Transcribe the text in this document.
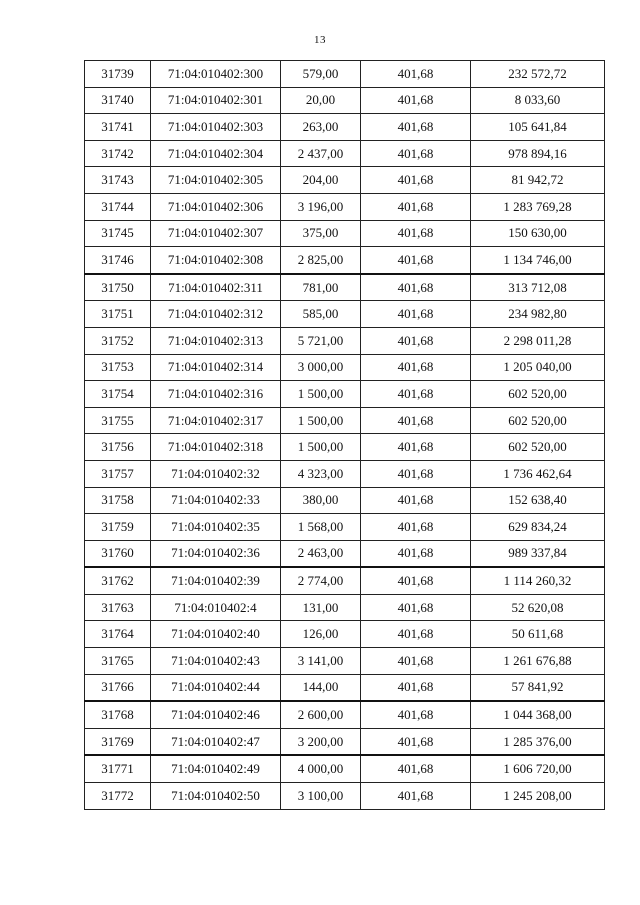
13
31739	71:04:010402:300	579,00	401,68	232 572,72
31740	71:04:010402:301	20,00	401,68	8 033,60
31741	71:04:010402:303	263,00	401,68	105 641,84
31742	71:04:010402:304	2 437,00	401,68	978 894,16
31743	71:04:010402:305	204,00	401,68	81 942,72
31744	71:04:010402:306	3 196,00	401,68	1 283 769,28
31745	71:04:010402:307	375,00	401,68	150 630,00
31746	71:04:010402:308	2 825,00	401,68	1 134 746,00
31750	71:04:010402:311	781,00	401,68	313 712,08
31751	71:04:010402:312	585,00	401,68	234 982,80
31752	71:04:010402:313	5 721,00	401,68	2 298 011,28
31753	71:04:010402:314	3 000,00	401,68	1 205 040,00
31754	71:04:010402:316	1 500,00	401,68	602 520,00
31755	71:04:010402:317	1 500,00	401,68	602 520,00
31756	71:04:010402:318	1 500,00	401,68	602 520,00
31757	71:04:010402:32	4 323,00	401,68	1 736 462,64
31758	71:04:010402:33	380,00	401,68	152 638,40
31759	71:04:010402:35	1 568,00	401,68	629 834,24
31760	71:04:010402:36	2 463,00	401,68	989 337,84
31762	71:04:010402:39	2 774,00	401,68	1 114 260,32
31763	71:04:010402:4	131,00	401,68	52 620,08
31764	71:04:010402:40	126,00	401,68	50 611,68
31765	71:04:010402:43	3 141,00	401,68	1 261 676,88
31766	71:04:010402:44	144,00	401,68	57 841,92
31768	71:04:010402:46	2 600,00	401,68	1 044 368,00
31769	71:04:010402:47	3 200,00	401,68	1 285 376,00
31771	71:04:010402:49	4 000,00	401,68	1 606 720,00
31772	71:04:010402:50	3 100,00	401,68	1 245 208,00
